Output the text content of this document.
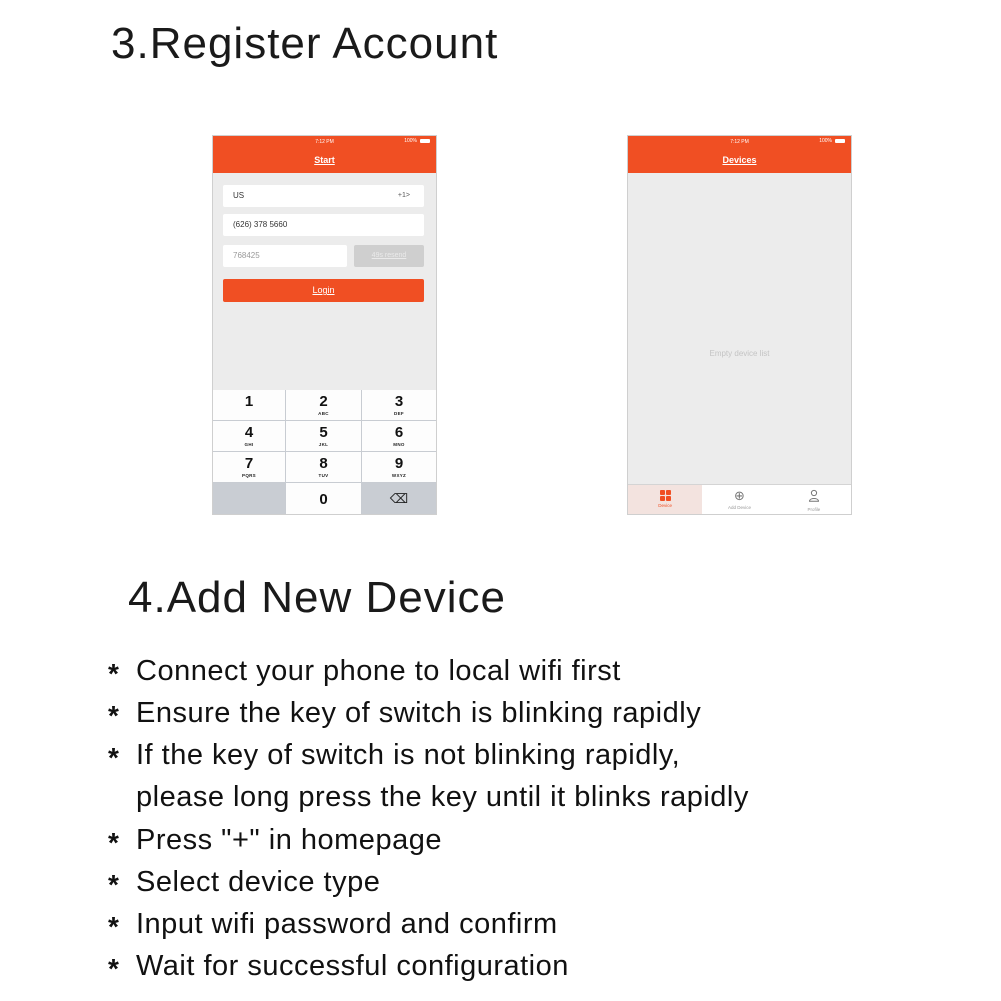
3.Register Account
7:12 PM	100%
Start
US	+1>
(626) 378 5660
768425	49s resend
Login
1	2
ABC
3
DEF
4
GHI
5
JKL
6
MNO
7
PQRS
8
TUV
9
WXYZ
0	⌫
7:12 PM	100%
Devices
Empty device list
Device
⊕
Add Device	Profile
4.Add New Device
* Connect your phone to local wifi first
* Ensure the key of switch is blinking rapidly
* If the key of switch is not blinking rapidly,
please long press the key until it blinks rapidly
* Press "+" in homepage
* Select device type
* Input wifi password and confirm
* Wait for successful configuration
